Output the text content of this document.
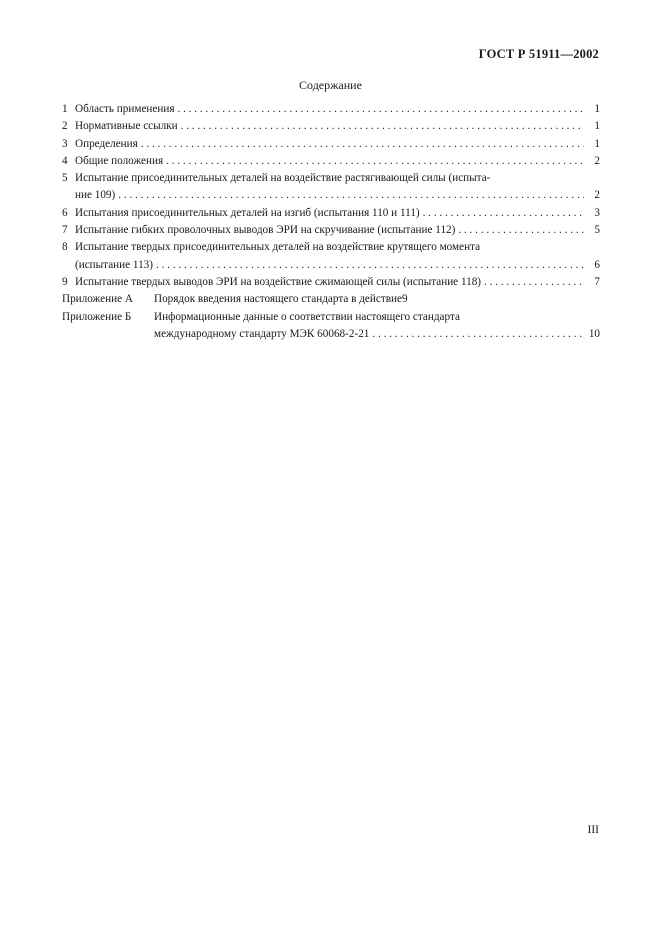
ГОСТ Р 51911—2002
Содержание
1 Область применения . . .	1
2 Нормативные ссылки . . .	1
3 Определения . . .	1
4 Общие положения . . .	2
5 Испытание присоединительных деталей на воздействие растягивающей силы (испыта-
ние 109) . . .	2
6 Испытания присоединительных деталей на изгиб (испытания 110 и 111) . . .	3
7 Испытание гибких проволочных выводов ЭРИ на скручивание (испытание 112) . . .	5
8 Испытание твердых присоединительных деталей на воздействие крутящего момента
(испытание 113) . . .	6
9 Испытание твердых выводов ЭРИ на воздействие сжимающей силы (испытание 118) . . .	7
Приложение А	Порядок введения настоящего стандарта в действие 9
Приложение Б	Информационные данные о соответствии настоящего стандарта
международному стандарту МЭК 60068-2-21 . . .	10
III
